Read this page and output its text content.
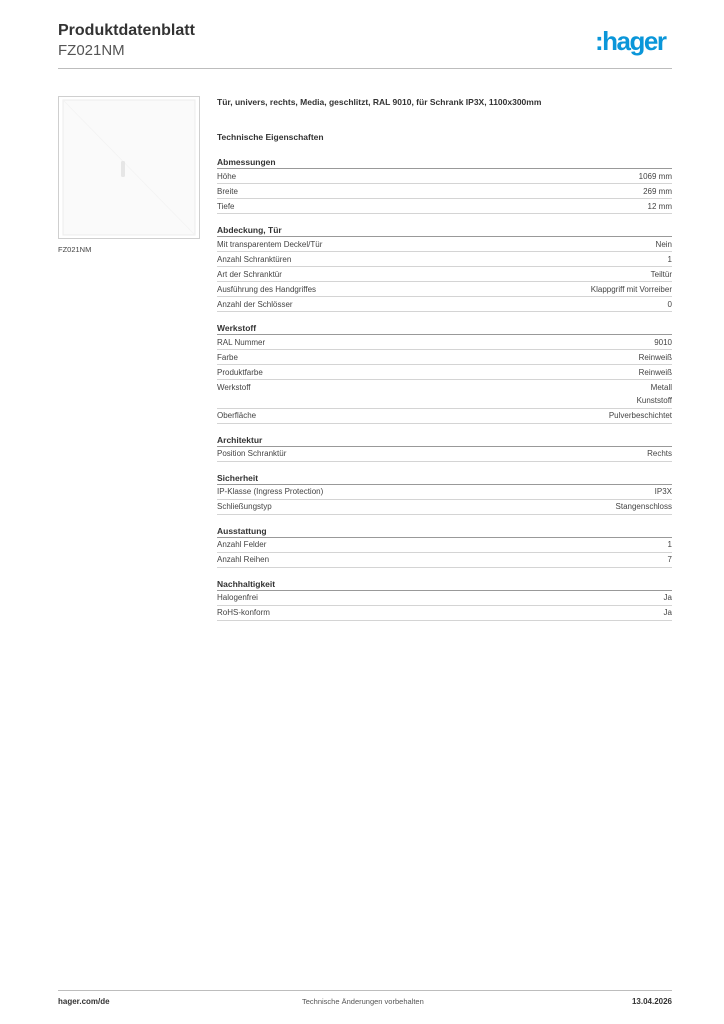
Produktdatenblatt
FZ021NM	:hager
FZ021NM
Tür, univers, rechts, Media, geschlitzt, RAL 9010, für Schrank IP3X, 1100x300mm
Technische Eigenschaften
Abmessungen
Höhe	1069 mm
Breite	269 mm
Tiefe	12 mm
Abdeckung, Tür
Mit transparentem Deckel/Tür	Nein
Anzahl Schranktüren	1
Art der Schranktür	Teiltür
Ausführung des Handgriffes	Klappgriff mit Vorreiber
Anzahl der Schlösser	0
Werkstoff
RAL Nummer	9010
Farbe	Reinweiß
Produktfarbe	Reinweiß
Werkstoff	Metall
Kunststoff
Oberfläche	Pulverbeschichtet
Architektur
Position Schranktür	Rechts
Sicherheit
IP-Klasse (Ingress Protection)	IP3X
Schließungstyp	Stangenschloss
Ausstattung
Anzahl Felder	1
Anzahl Reihen	7
Nachhaltigkeit
Halogenfrei	Ja
RoHS-konform	Ja
hager.com/de	Technische Änderungen vorbehalten	13.04.2026
